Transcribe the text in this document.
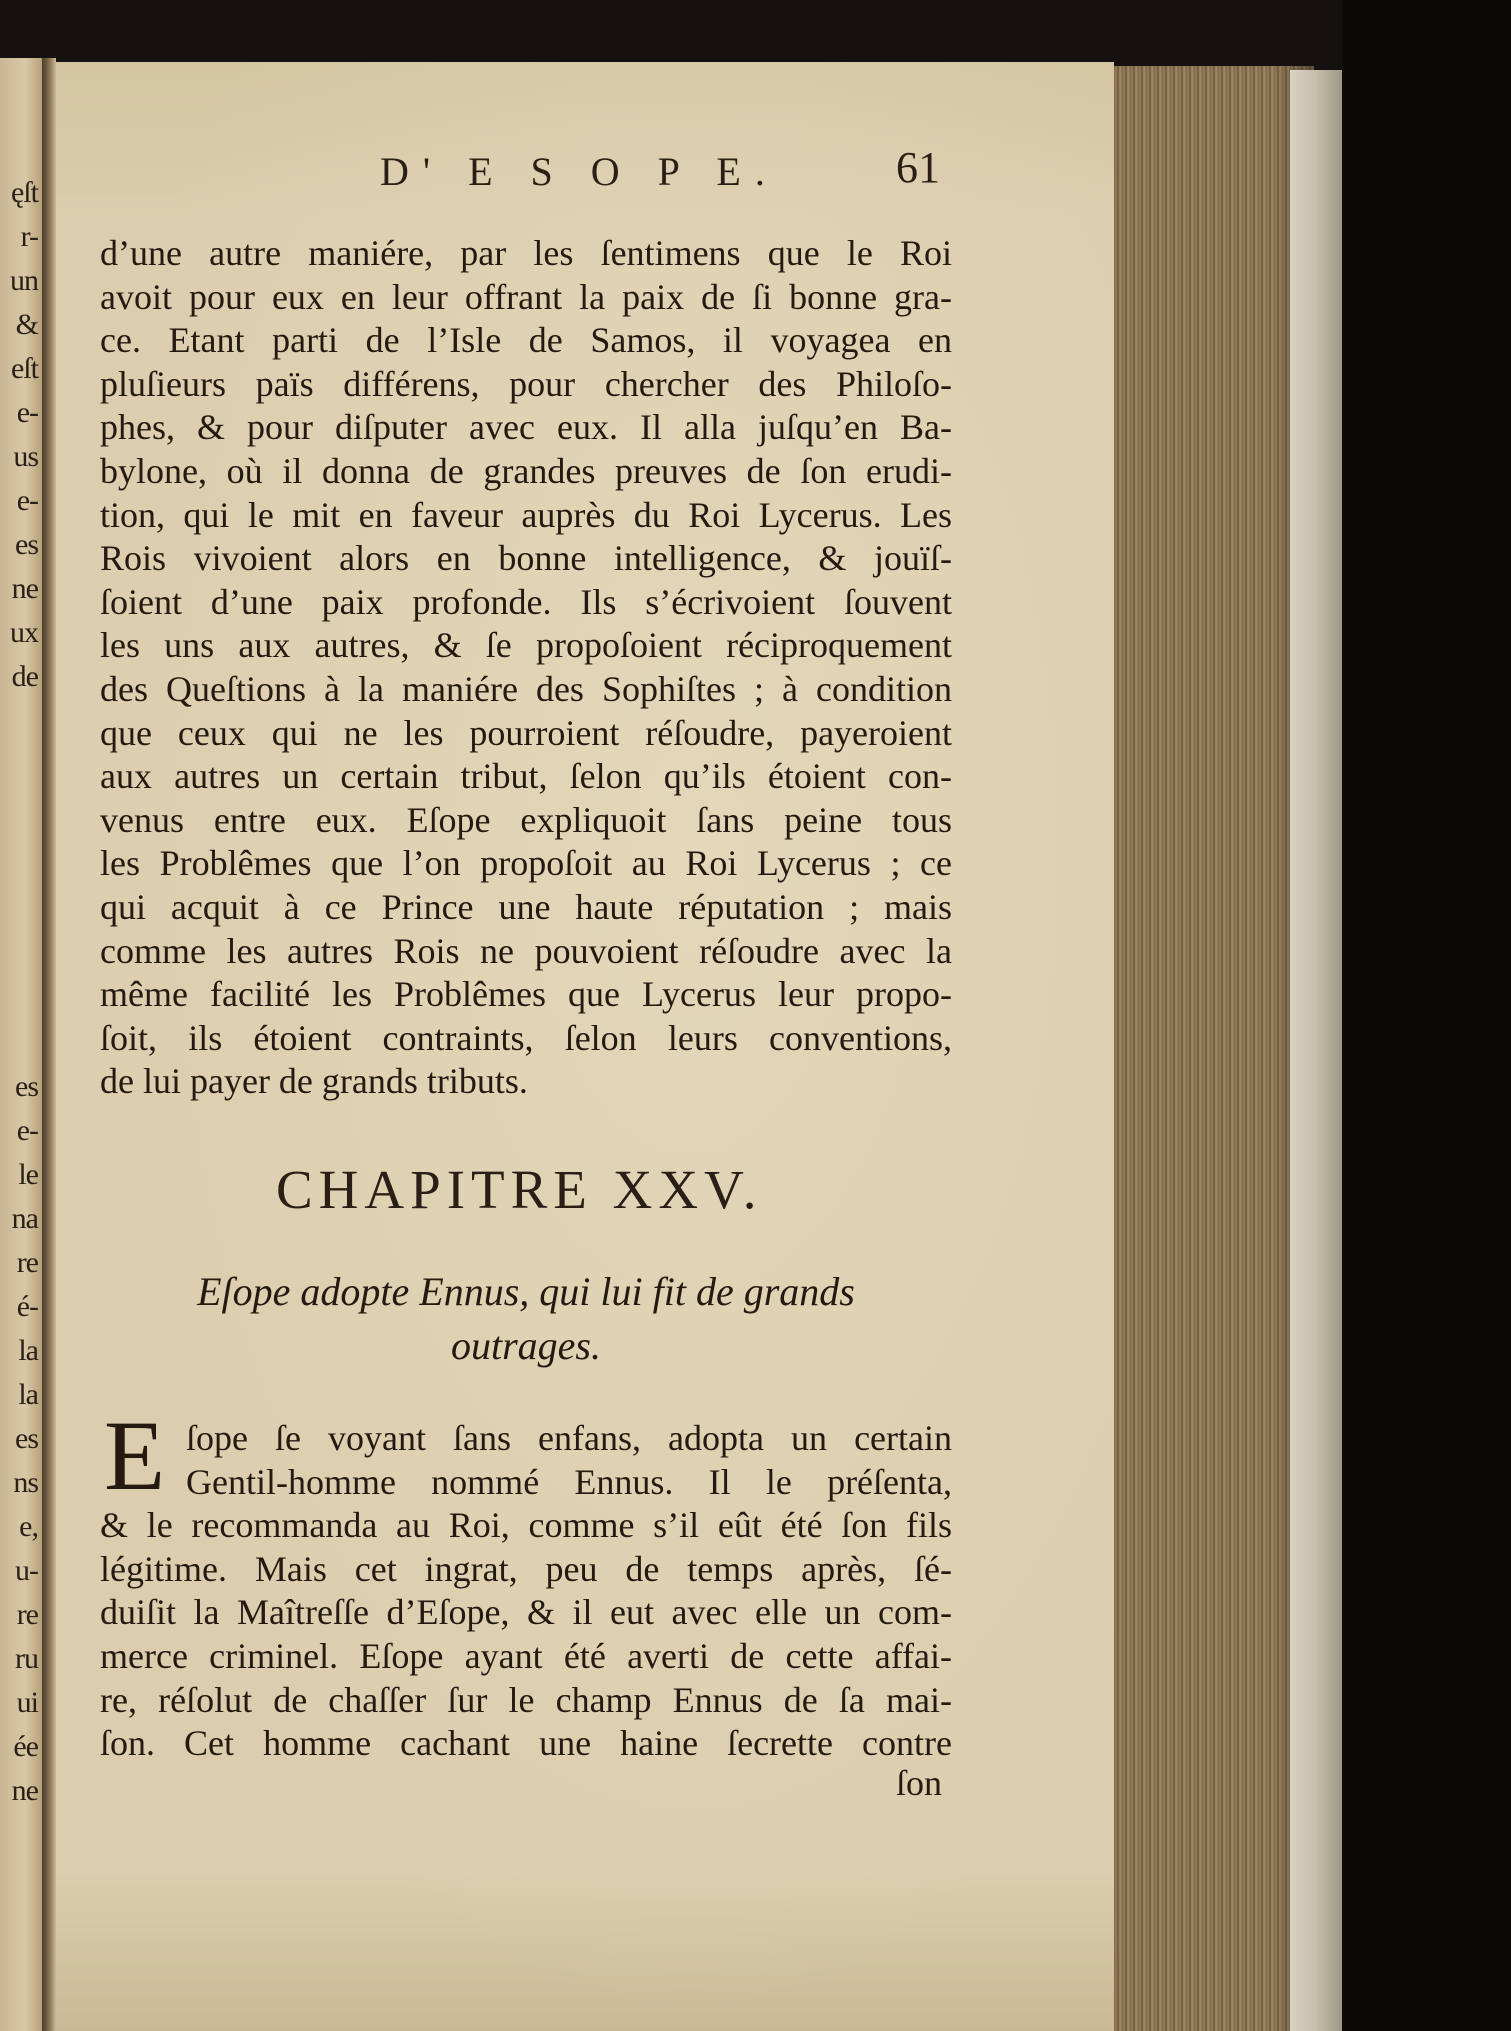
ęſt
r-
un
&
eſt
e-
us
e-
es
ne
ux
de
es
e-
le
na
re
é-
la
la
es
ns
e,
u-
re
ru
ui
ée
ne
D' E S O P E.	61
d’une autre maniére, par les ſentimens que le Roi
avoit pour eux en leur offrant la paix de ſi bonne gra-
ce. Etant parti de l’Isle de Samos, il voyagea en
pluſieurs païs différens, pour chercher des Philoſo-
phes, & pour diſputer avec eux. Il alla juſqu’en Ba-
bylone, où il donna de grandes preuves de ſon erudi-
tion, qui le mit en faveur auprès du Roi Lycerus. Les
Rois vivoient alors en bonne intelligence, & jouïſ-
ſoient d’une paix profonde. Ils s’écrivoient ſouvent
les uns aux autres, & ſe propoſoient réciproquement
des Queſtions à la maniére des Sophiſtes ; à condition
que ceux qui ne les pourroient réſoudre, payeroient
aux autres un certain tribut, ſelon qu’ils étoient con-
venus entre eux. Eſope expliquoit ſans peine tous
les Problêmes que l’on propoſoit au Roi Lycerus ; ce
qui acquit à ce Prince une haute réputation ; mais
comme les autres Rois ne pouvoient réſoudre avec la
même facilité les Problêmes que Lycerus leur propo-
ſoit, ils étoient contraints, ſelon leurs conventions,
de lui payer de grands tributs.
CHAPITRE XXV.
Eſope adopte Ennus, qui lui fit de grands
outrages.
E ſope ſe voyant ſans enfans, adopta un certain
Gentil-homme nommé Ennus. Il le préſenta,
& le recommanda au Roi, comme s’il eût été ſon fils
légitime. Mais cet ingrat, peu de temps après, ſé-
duiſit la Maîtreſſe d’Eſope, & il eut avec elle un com-
merce criminel. Eſope ayant été averti de cette affai-
re, réſolut de chaſſer ſur le champ Ennus de ſa mai-
ſon. Cet homme cachant une haine ſecrette contre
ſon
